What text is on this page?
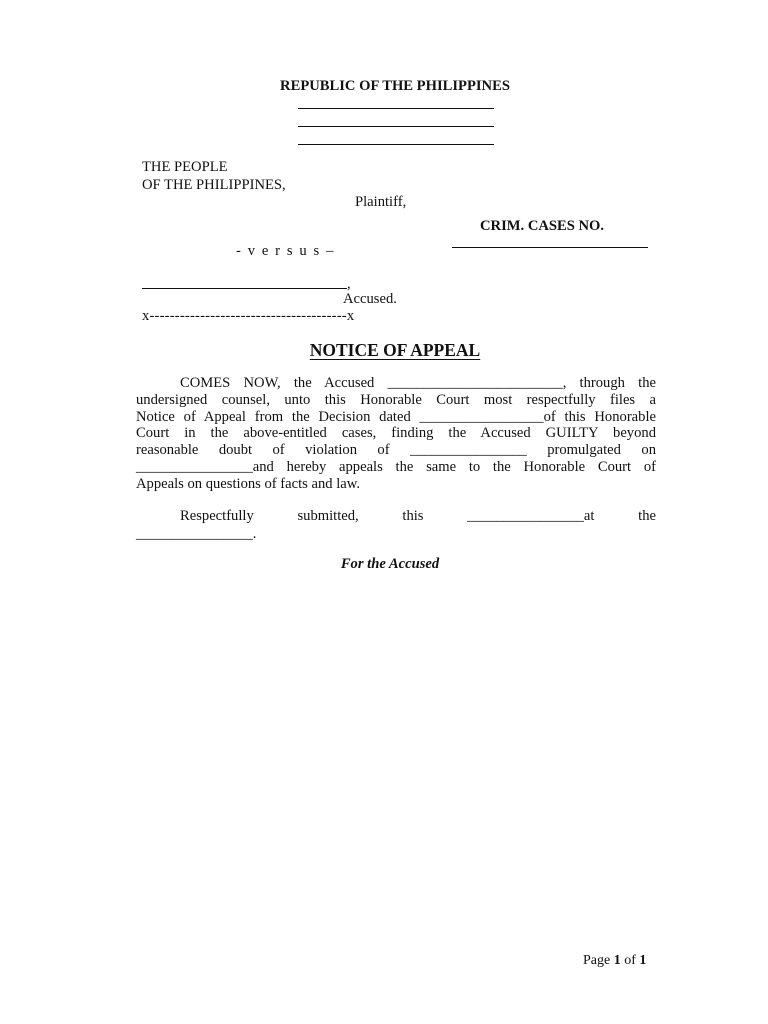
REPUBLIC OF THE PHILIPPINES
THE PEOPLE
OF THE PHILIPPINES,
Plaintiff,
CRIM. CASES NO.
- v e r s u s –
,
Accused.
x---------------------------------------x
NOTICE OF APPEAL
COMES NOW, the Accused ________________________, through the
undersigned counsel, unto this Honorable Court most respectfully files a
Notice of Appeal from the Decision dated _________________of this Honorable
Court in the above-entitled cases, finding the Accused GUILTY beyond
reasonable doubt of violation of ________________ promulgated on
________________and hereby appeals the same to the Honorable Court of
Appeals on questions of facts and law.
Respectfully submitted, this ________________at the
________________.
For the Accused
Page 1 of 1
